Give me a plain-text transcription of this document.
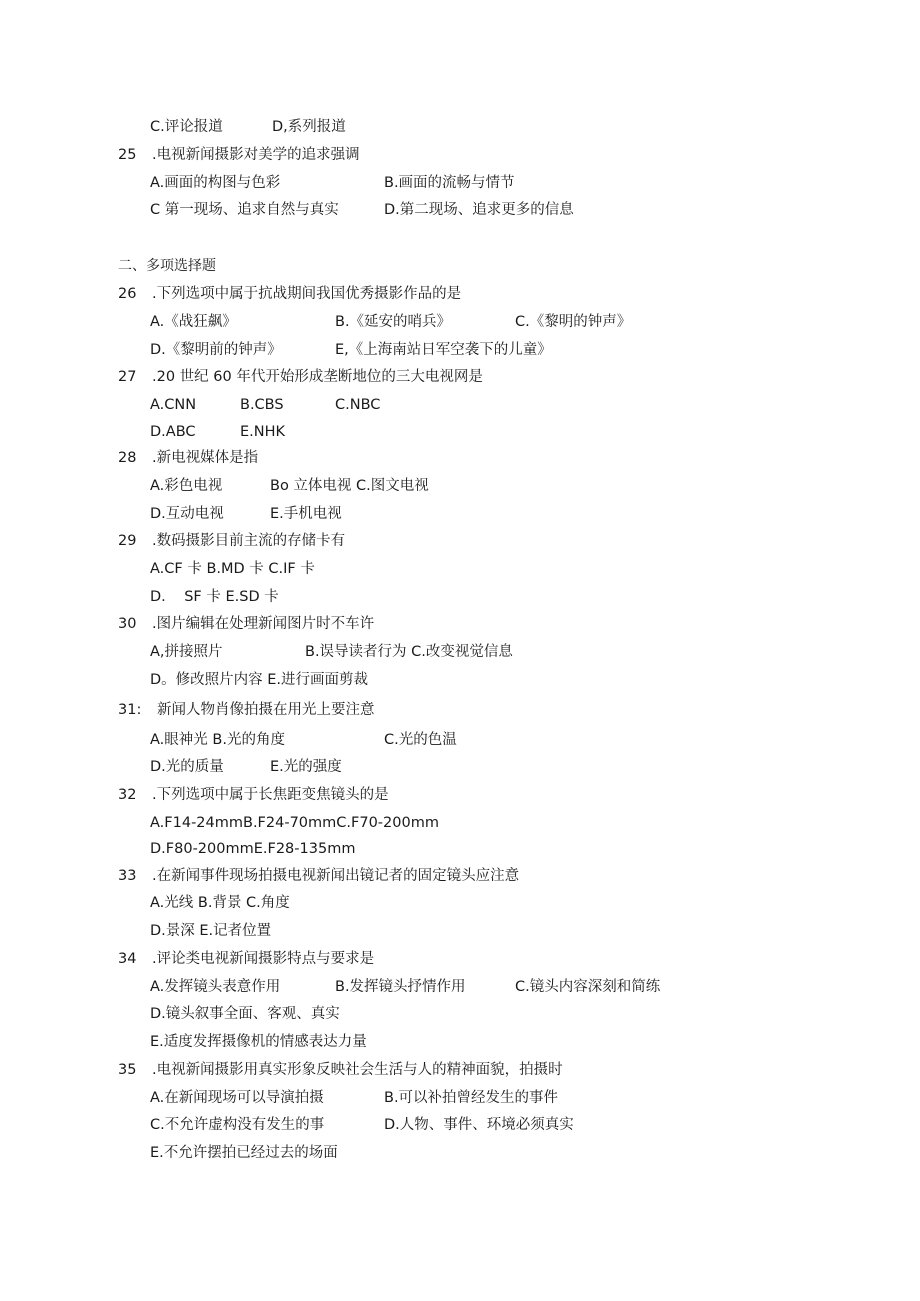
C.评论报道	D,系列报道
25 .电视新闻摄影对美学的追求强调
A.画面的构图与色彩	B.画面的流畅与情节
C 第一现场、追求自然与真实	D.第二现场、追求更多的信息
二、多项选择题
26 .下列选项中属于抗战期间我国优秀摄影作品的是
A.《战狂飙》	B.《延安的哨兵》	C.《黎明的钟声》
D.《黎明前的钟声》	E,《上海南站日军空袭下的儿童》
27 .20 世纪 60 年代开始形成垄断地位的三大电视网是
A.CNN	B.CBS	C.NBC
D.ABC	E.NHK
28 .新电视媒体是指
A.彩色电视	Bo 立体电视 C.图文电视
D.互动电视	E.手机电视
29 .数码摄影目前主流的存储卡有
A.CF 卡 B.MD 卡 C.IF 卡
D.    SF 卡 E.SD 卡
30 .图片编辑在处理新闻图片时不车许
A,拼接照片	B.误导读者行为 C.改变视觉信息
D。修改照片内容 E.进行画面剪裁
31: 新闻人物肖像拍摄在用光上要注意
A.眼神光 B.光的角度	C.光的色温
D.光的质量	E.光的强度
32 .下列选项中属于长焦距变焦镜头的是
A.F14-24mmB.F24-70mmC.F70-200mm
D.F80-200mmE.F28-135mm
33 .在新闻事件现场拍摄电视新闻出镜记者的固定镜头应注意
A.光线 B.背景 C.角度
D.景深 E.记者位置
34 .评论类电视新闻摄影特点与要求是
A.发挥镜头表意作用	B.发挥镜头抒情作用	C.镜头内容深刻和简练
D.镜头叙事全面、客观、真实
E.适度发挥摄像机的情感表达力量
35 .电视新闻摄影用真实形象反映社会生活与人的精神面貌，拍摄时
A.在新闻现场可以导演拍摄	B.可以补拍曾经发生的事件
C.不允许虚构没有发生的事	D.人物、事件、环境必须真实
E.不允许摆拍已经过去的场面
